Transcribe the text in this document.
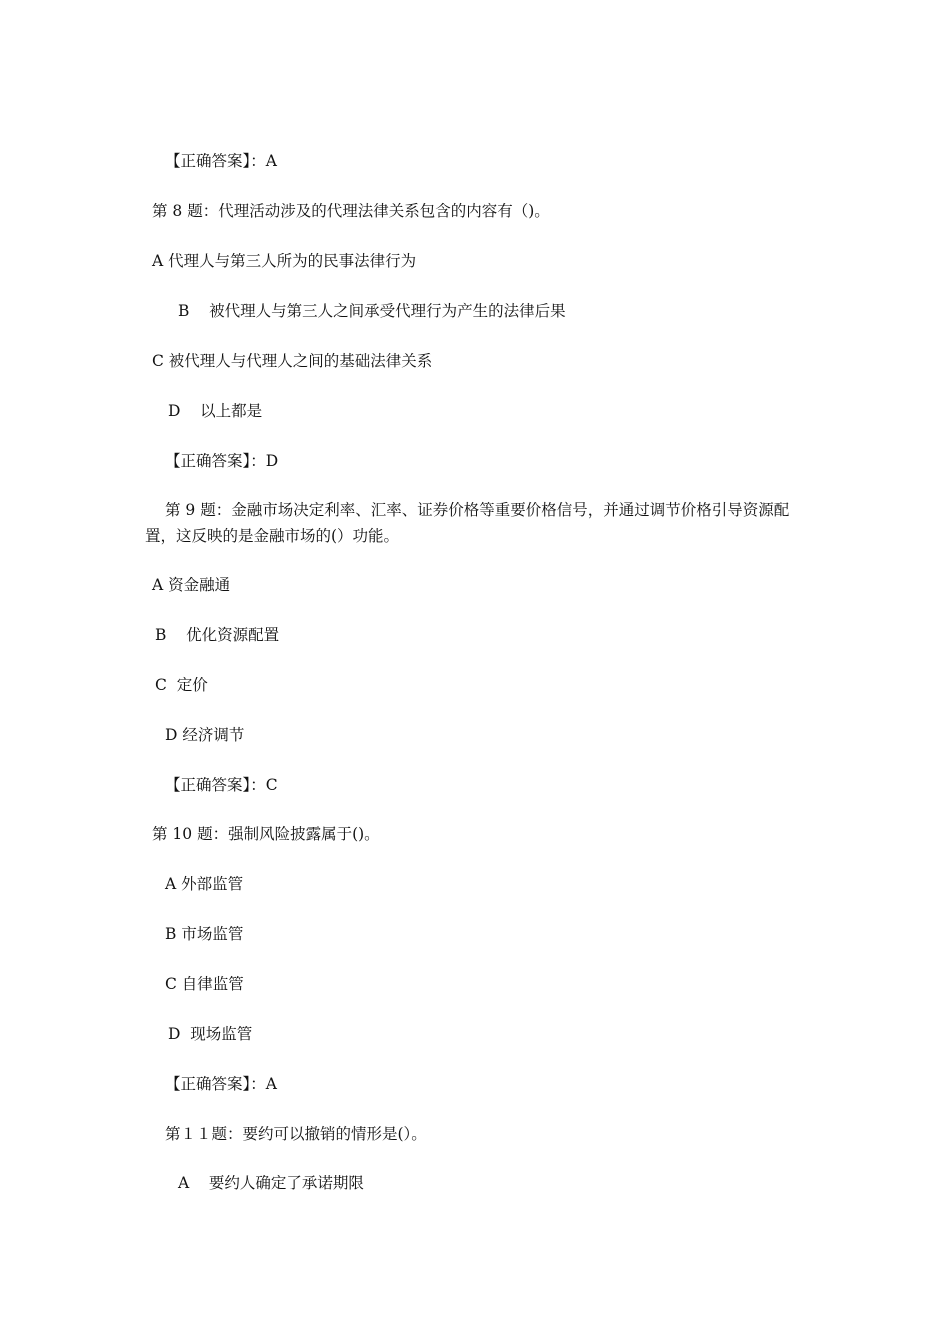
【正确答案】：A
第 8 题：代理活动涉及的代理法律关系包含的内容有（)。
A 代理人与第三人所为的民事法律行为
B    被代理人与第三人之间承受代理行为产生的法律后果
C 被代理人与代理人之间的基础法律关系
D    以上都是
【正确答案】：D
第 9 题：金融市场决定利率、汇率、证券价格等重要价格信号，并通过调节价格引导资源配置，这反映的是金融市场的(）功能。
A 资金融通
B    优化资源配置
C  定价
D 经济调节
【正确答案】：C
第 10 题：强制风险披露属于()。
A 外部监管
B 市场监管
C 自律监管
D  现场监管
【正确答案】：A
第１１题：要约可以撤销的情形是(）。
A    要约人确定了承诺期限
